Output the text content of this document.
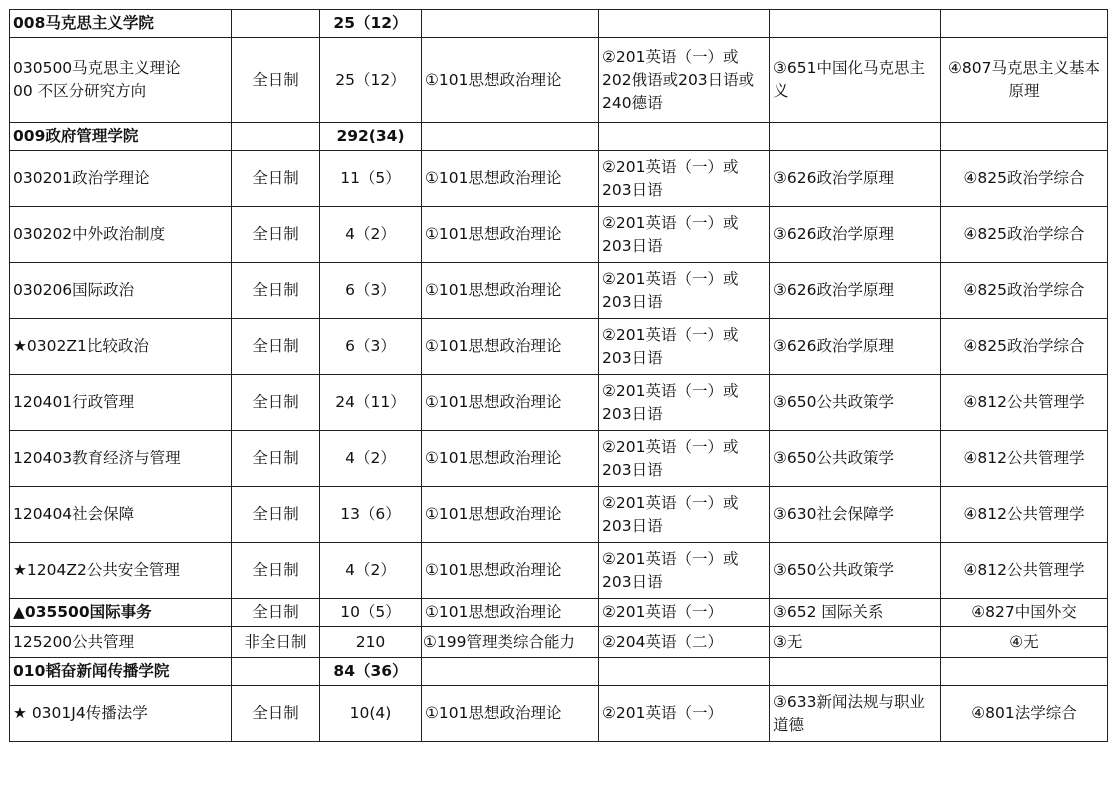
008马克思主义学院		25（12）				
030500马克思主义理论
00 不区分研究方向	全日制	25（12）	①101思想政治理论	②201英语（一）或202俄语或203日语或 240德语	③651中国化马克思主义	④807马克思主义基本原理
009政府管理学院		292(34)				
030201政治学理论	全日制	11（5）	①101思想政治理论	②201英语（一）或203日语	③626政治学原理	④825政治学综合
030202中外政治制度	全日制	4（2）	①101思想政治理论	②201英语（一）或203日语	③626政治学原理	④825政治学综合
030206国际政治	全日制	6（3）	①101思想政治理论	②201英语（一）或203日语	③626政治学原理	④825政治学综合
★0302Z1比较政治	全日制	6（3）	①101思想政治理论	②201英语（一）或203日语	③626政治学原理	④825政治学综合
120401行政管理	全日制	24（11）	①101思想政治理论	②201英语（一）或203日语	③650公共政策学	④812公共管理学
120403教育经济与管理	全日制	4（2）	①101思想政治理论	②201英语（一）或203日语	③650公共政策学	④812公共管理学
120404社会保障	全日制	13（6）	①101思想政治理论	②201英语（一）或203日语	③630社会保障学	④812公共管理学
★1204Z2公共安全管理	全日制	4（2）	①101思想政治理论	②201英语（一）或203日语	③650公共政策学	④812公共管理学
▲035500国际事务	全日制	10（5）	①101思想政治理论	②201英语（一）	③652 国际关系	④827中国外交
125200公共管理	非全日制	210	①199管理类综合能力	②204英语（二）	③无	④无
010韬奋新闻传播学院		84（36）				
★ 0301J4传播法学	全日制	10(4)	①101思想政治理论	②201英语（一）	③633新闻法规与职业道德	④801法学综合
